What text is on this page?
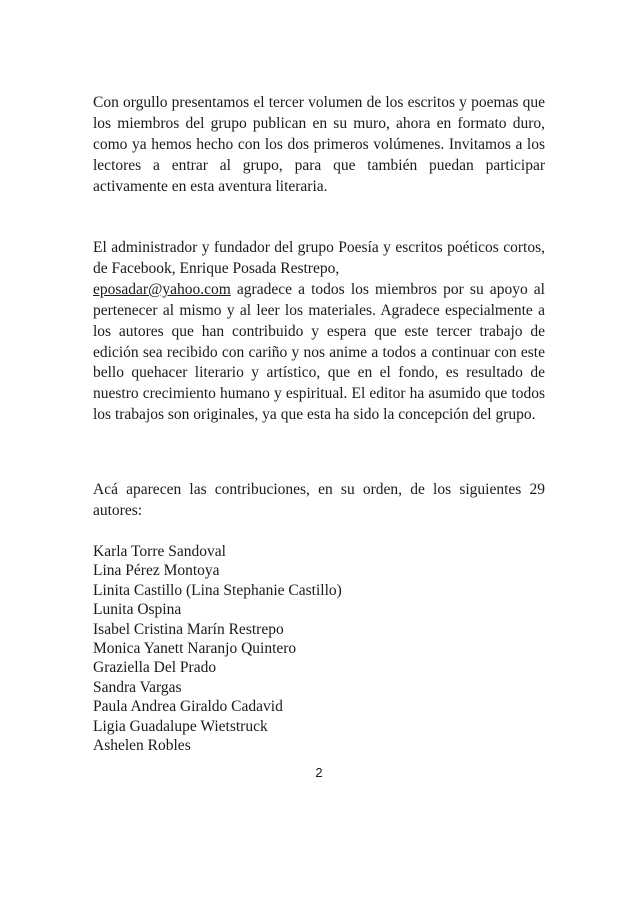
Con orgullo presentamos el tercer volumen de los escritos y poemas que los miembros del grupo publican en su muro, ahora en formato duro, como ya hemos hecho con los dos primeros volúmenes. Invitamos a los lectores a entrar al grupo, para que también puedan participar activamente en esta aventura literaria.

El administrador y fundador del grupo Poesía y escritos poéticos cortos, de Facebook, Enrique Posada Restrepo,
eposadar@yahoo.com agradece a todos los miembros por su apoyo al pertenecer al mismo y al leer los materiales. Agradece especialmente a los autores que han contribuido y espera que este tercer trabajo de edición sea recibido con cariño y nos anime a todos a continuar con este bello quehacer literario y artístico, que en el fondo, es resultado de nuestro crecimiento humano y espiritual. El editor ha asumido que todos los trabajos son originales, ya que esta ha sido la concepción del grupo.

Acá aparecen las contribuciones, en su orden, de los siguientes 29 autores:

Karla Torre Sandoval
Lina Pérez Montoya
Linita Castillo (Lina Stephanie Castillo)
Lunita Ospina
Isabel Cristina Marín Restrepo
Monica Yanett Naranjo Quintero
Graziella Del Prado
Sandra Vargas
Paula Andrea Giraldo Cadavid
Ligia Guadalupe Wietstruck
Ashelen Robles
2
